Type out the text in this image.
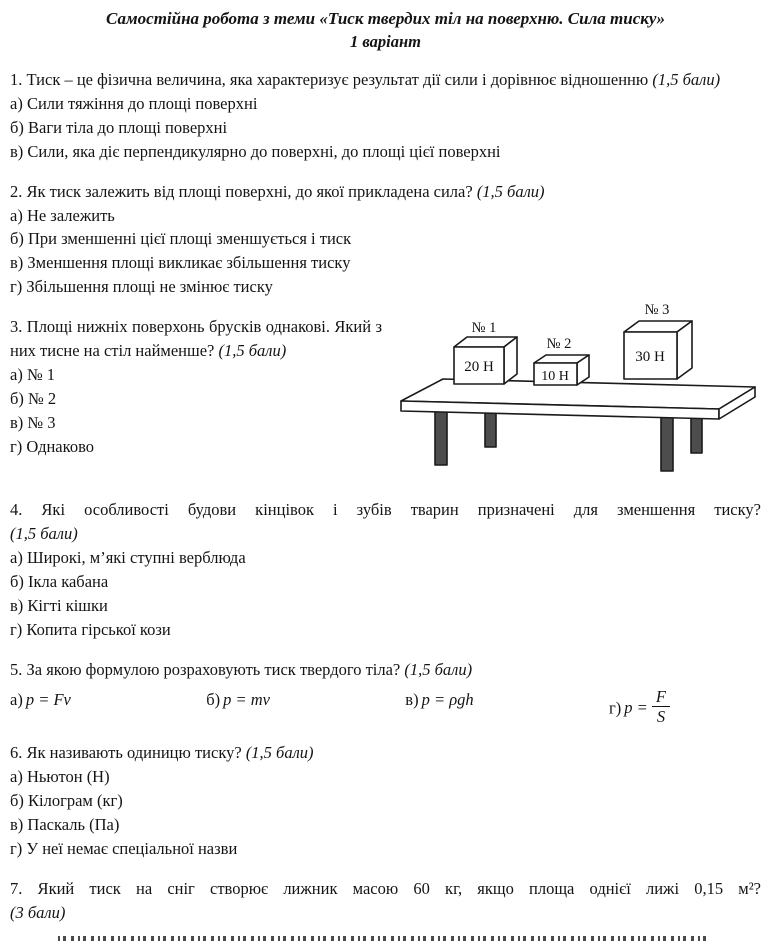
Самостійна робота з теми «Тиск твердих тіл на поверхню. Сила тиску»

1 варіант

1. Тиск – це фізична величина, яка характеризує результат дії сили і дорівнює відношенню (1,5 бали)

а) Сили тяжіння до площі поверхні
б) Ваги тіла до площі поверхні
в) Сили, яка діє перпендикулярно до поверхні, до площі цієї поверхні

2. Як тиск залежить від площі поверхні, до якої прикладена сила? (1,5 бали)

а) Не залежить
б) При зменшенні цієї площі зменшується і тиск
в) Зменшення площі викликає збільшення тиску
г) Збільшення площі не змінює тиску

3. Площі нижніх поверхонь брусків однакові. Який з них тисне на стіл найменше? (1,5 бали)

а) № 1
б) № 2
в) № 3
г) Однаково
№ 1
№ 2
№ 3
20 Н
10 Н
30 Н

4. Які особливості будови кінцівок і зубів тварин призначені для зменшення тиску?

(1,5 бали)
а) Широкі, м’які ступні верблюда
б) Ікла кабана
в) Кігті кішки
г) Копита гірської кози

5. За якою формулою розраховують тиск твердого тіла? (1,5 бали)

а) p = Fv	б) p = mv	в) p = ρgh	г) $p = \frac{F}{S}$

6. Як називають одиницю тиску? (1,5 бали)

а) Ньютон (Н)
б) Кілограм (кг)
в) Паскаль (Па)
г) У неї немає спеціальної назви

7. Який тиск на сніг створює лижник масою 60 кг, якщо площа однієї лижі 0,15 м²?

(3 бали)
